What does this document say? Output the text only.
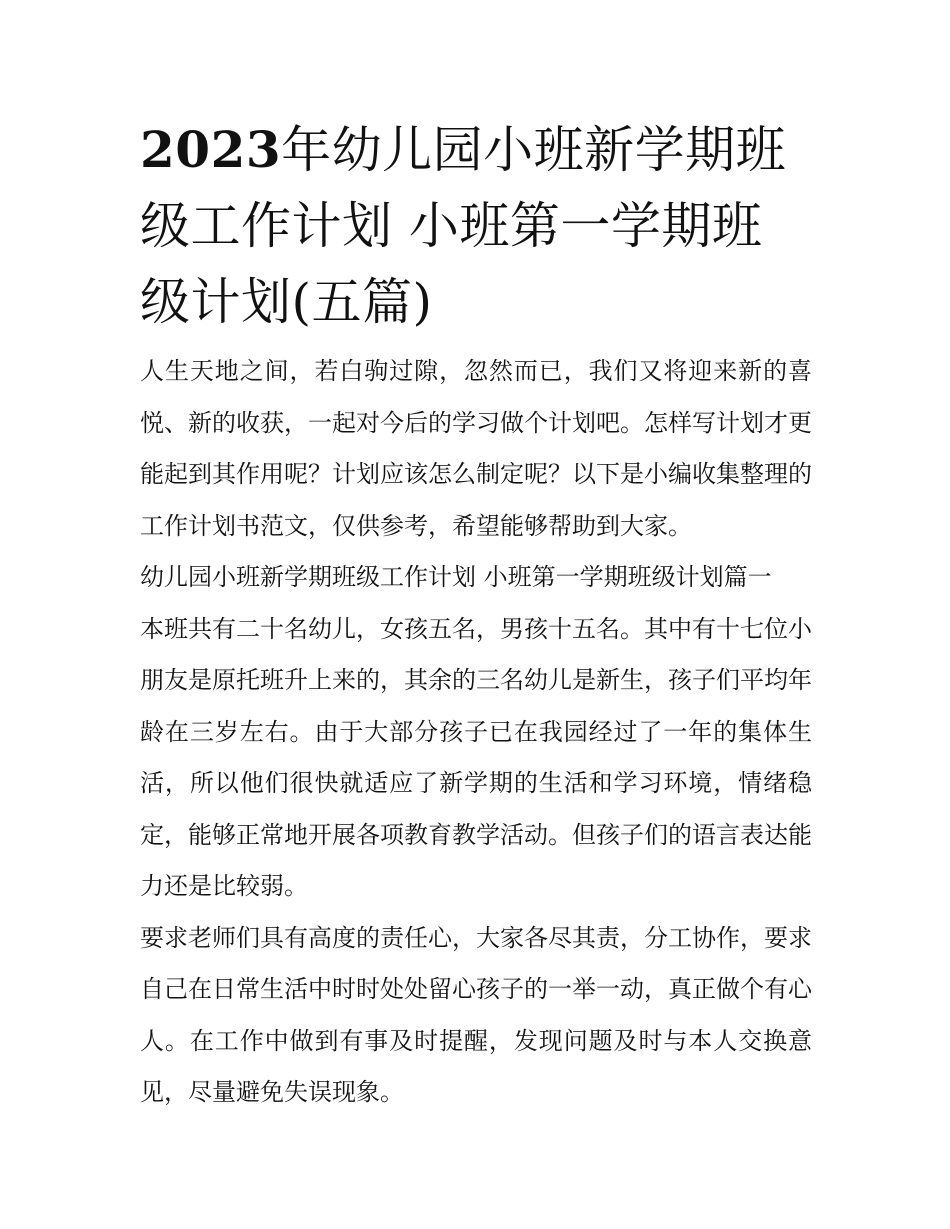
2023年幼儿园小班新学期班级工作计划 小班第一学期班级计划(五篇)

人生天地之间，若白驹过隙，忽然而已，我们又将迎来新的喜悦、新的收获，一起对今后的学习做个计划吧。怎样写计划才更能起到其作用呢？计划应该怎么制定呢？以下是小编收集整理的工作计划书范文，仅供参考，希望能够帮助到大家。

幼儿园小班新学期班级工作计划 小班第一学期班级计划篇一

本班共有二十名幼儿，女孩五名，男孩十五名。其中有十七位小朋友是原托班升上来的，其余的三名幼儿是新生，孩子们平均年龄在三岁左右。由于大部分孩子已在我园经过了一年的集体生活，所以他们很快就适应了新学期的生活和学习环境，情绪稳定，能够正常地开展各项教育教学活动。但孩子们的语言表达能力还是比较弱。

要求老师们具有高度的责任心，大家各尽其责，分工协作，要求自己在日常生活中时时处处留心孩子的一举一动，真正做个有心人。在工作中做到有事及时提醒，发现问题及时与本人交换意见，尽量避免失误现象。
